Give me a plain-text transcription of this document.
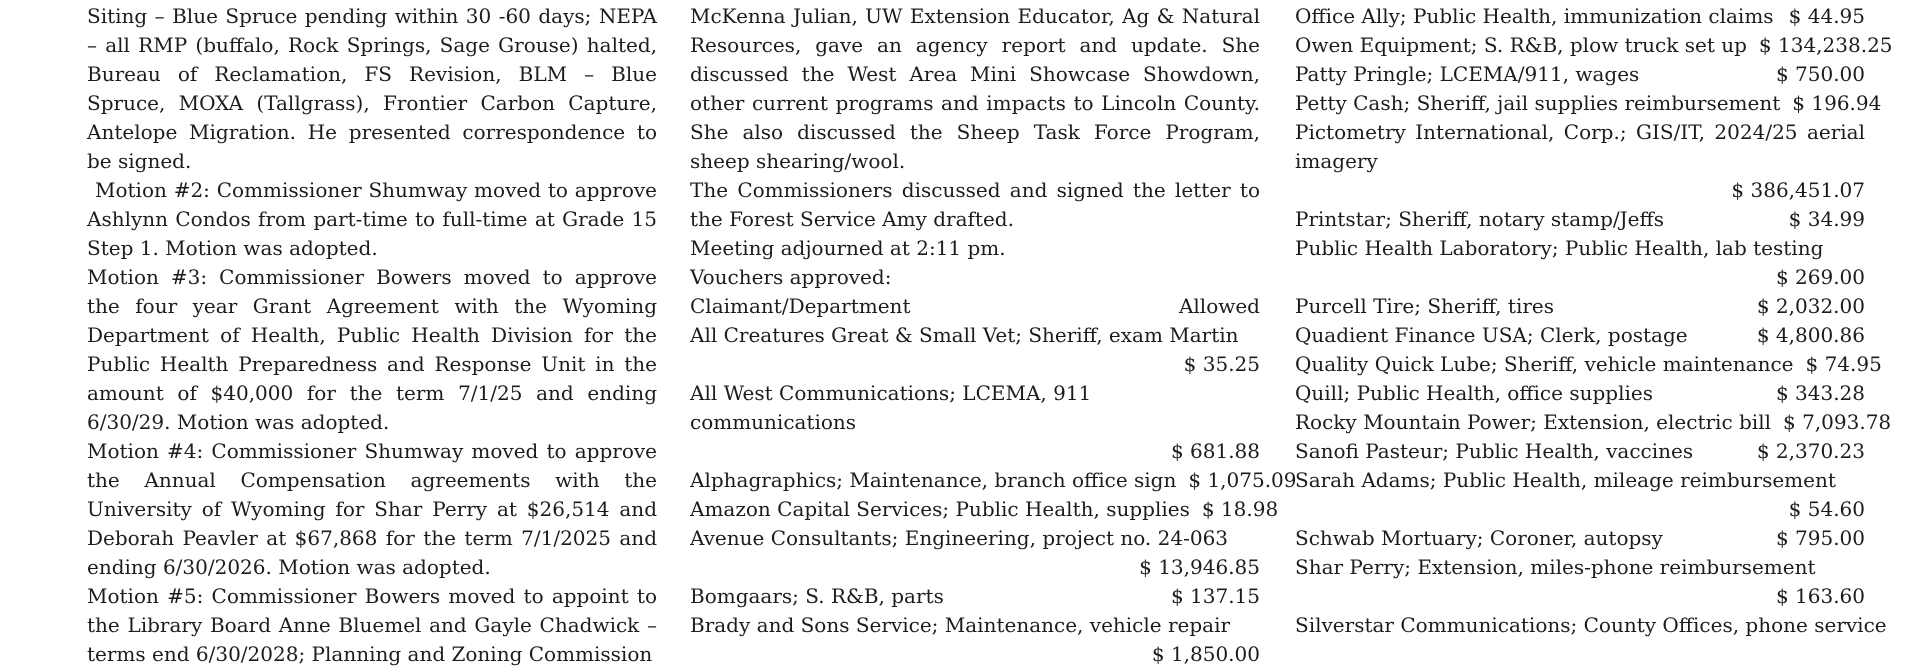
Siting – Blue Spruce pending within 30 -60 days; NEPA – all RMP (buffalo, Rock Springs, Sage Grouse) halted, Bureau of Reclamation, FS Revision, BLM – Blue Spruce, MOXA (Tallgrass), Frontier Carbon Capture, Antelope Migration. He presented correspondence to be signed.

Motion #2: Commissioner Shumway moved to approve Ashlynn Condos from part-time to full-time at Grade 15 Step 1. Motion was adopted.

Motion #3: Commissioner Bowers moved to approve the four year Grant Agreement with the Wyoming Department of Health, Public Health Division for the Public Health Preparedness and Response Unit in the amount of $40,000 for the term 7/1/25 and ending 6/30/29. Motion was adopted.

Motion #4: Commissioner Shumway moved to approve the Annual Compensation agreements with the University of Wyoming for Shar Perry at $26,514 and Deborah Peavler at $67,868 for the term 7/1/2025 and ending 6/30/2026. Motion was adopted.

Motion #5: Commissioner Bowers moved to appoint to the Library Board Anne Bluemel and Gayle Chadwick – terms end 6/30/2028; Planning and Zoning Commission

McKenna Julian, UW Extension Educator, Ag & Natural Resources, gave an agency report and update. She discussed the West Area Mini Showcase Showdown, other current programs and impacts to Lincoln County. She also discussed the Sheep Task Force Program, sheep shearing/wool.

The Commissioners discussed and signed the letter to the Forest Service Amy drafted.

Meeting adjourned at 2:11 pm.

Vouchers approved:

Claimant/Department	Allowed
All Creatures Great & Small Vet; Sheriff, exam Martin
$ 35.25
All West Communications; LCEMA, 911 communications
$ 681.88
Alphagraphics; Maintenance, branch office sign $ 1,075.09
Amazon Capital Services; Public Health, supplies $ 18.98
Avenue Consultants; Engineering, project no. 24-063
$ 13,946.85
Bomgaars; S. R&B, parts	$ 137.15
Brady and Sons Service; Maintenance, vehicle repair
$ 1,850.00
Office Ally; Public Health, immunization claims $ 44.95
Owen Equipment; S. R&B, plow truck set up $ 134,238.25
Patty Pringle; LCEMA/911, wages	$ 750.00
Petty Cash; Sheriff, jail supplies reimbursement $ 196.94
Pictometry International, Corp.; GIS/IT, 2024/25 aerial imagery
$ 386,451.07
Printstar; Sheriff, notary stamp/Jeffs	$ 34.99
Public Health Laboratory; Public Health, lab testing
$ 269.00
Purcell Tire; Sheriff, tires	$ 2,032.00
Quadient Finance USA; Clerk, postage	$ 4,800.86
Quality Quick Lube; Sheriff, vehicle maintenance $ 74.95
Quill; Public Health, office supplies	$ 343.28
Rocky Mountain Power; Extension, electric bill $ 7,093.78
Sanofi Pasteur; Public Health, vaccines	$ 2,370.23
Sarah Adams; Public Health, mileage reimbursement
$ 54.60
Schwab Mortuary; Coroner, autopsy	$ 795.00
Shar Perry; Extension, miles-phone reimbursement
$ 163.60
Silverstar Communications; County Offices, phone service
